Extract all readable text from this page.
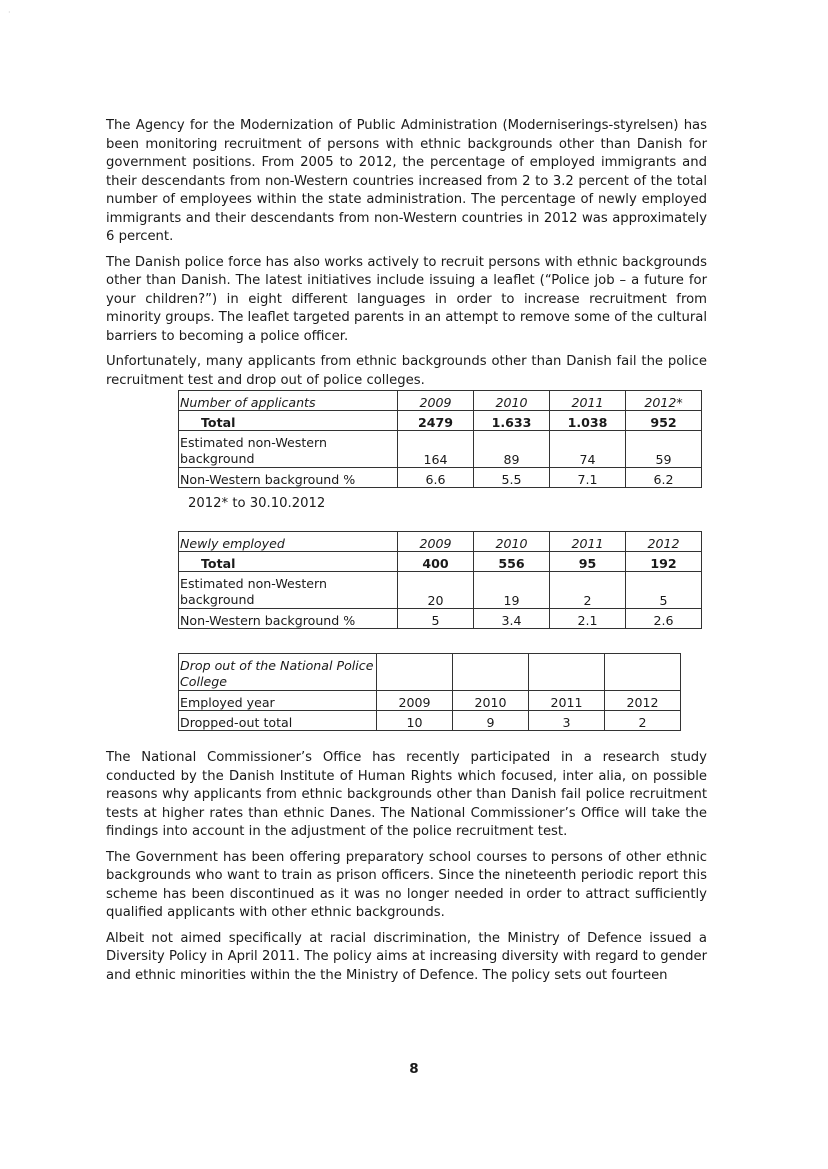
·

The Agency for the Modernization of Public Administration (Moderniserings-styrelsen) has been monitoring recruitment of persons with ethnic backgrounds other than Danish for government positions. From 2005 to 2012, the percentage of employed immigrants and their descendants from non-Western countries increased from 2 to 3.2 percent of the total number of employees within the state administration. The percentage of newly employed immigrants and their descendants from non-Western countries in 2012 was approximately 6 percent.

The Danish police force has also works actively to recruit persons with ethnic backgrounds other than Danish. The latest initiatives include issuing a leaflet (“Police job – a future for your children?”) in eight different languages in order to increase recruitment from minority groups. The leaflet targeted parents in an attempt to remove some of the cultural barriers to becoming a police officer.

Unfortunately, many applicants from ethnic backgrounds other than Danish fail the police recruitment test and drop out of police colleges.

Number of applicants	2009	2010	2011	2012*
Total	2479	1.633	1.038	952
Estimated non-Western background	164	89	74	59
Non-Western background %	6.6	5.5	7.1	6.2
2012* to 30.10.2012
Newly employed	2009	2010	2011	2012
Total	400	556	95	192
Estimated non-Western background	20	19	2	5
Non-Western background %	5	3.4	2.1	2.6
Drop out of the National Police College				
Employed year	2009	2010	2011	2012
Dropped-out total	10	9	3	2

The National Commissioner’s Office has recently participated in a research study conducted by the Danish Institute of Human Rights which focused, inter alia, on possible reasons why applicants from ethnic backgrounds other than Danish fail police recruitment tests at higher rates than ethnic Danes. The National Commissioner’s Office will take the findings into account in the adjustment of the police recruitment test.

The Government has been offering preparatory school courses to persons of other ethnic backgrounds who want to train as prison officers. Since the nineteenth periodic report this scheme has been discontinued as it was no longer needed in order to attract sufficiently qualified applicants with other ethnic backgrounds.

Albeit not aimed specifically at racial discrimination, the Ministry of Defence issued a Diversity Policy in April 2011. The policy aims at increasing diversity with regard to gender and ethnic minorities within the the Ministry of Defence. The policy sets out fourteen

8
